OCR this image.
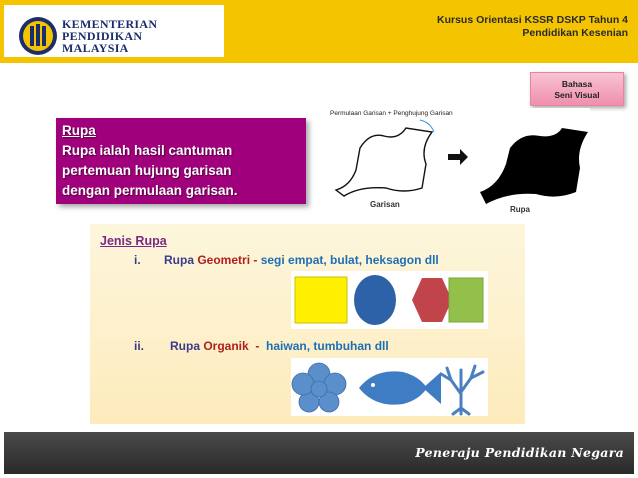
KEMENTERIAN
PENDIDIKAN
MALAYSIA
Kursus Orientasi KSSR DSKP Tahun 4
Pendidikan Kesenian
Bahasa
Seni Visual
Rupa
Rupa ialah hasil cantuman
pertemuan hujung garisan
dengan permulaan garisan.
Permulaan Garisan + Penghujung Garisan
Garisan
Rupa
Jenis Rupa
i. Rupa Geometri - segi empat, bulat, heksagon dll
ii. Rupa Organik  -  haiwan, tumbuhan dll
Peneraju Pendidikan Negara
